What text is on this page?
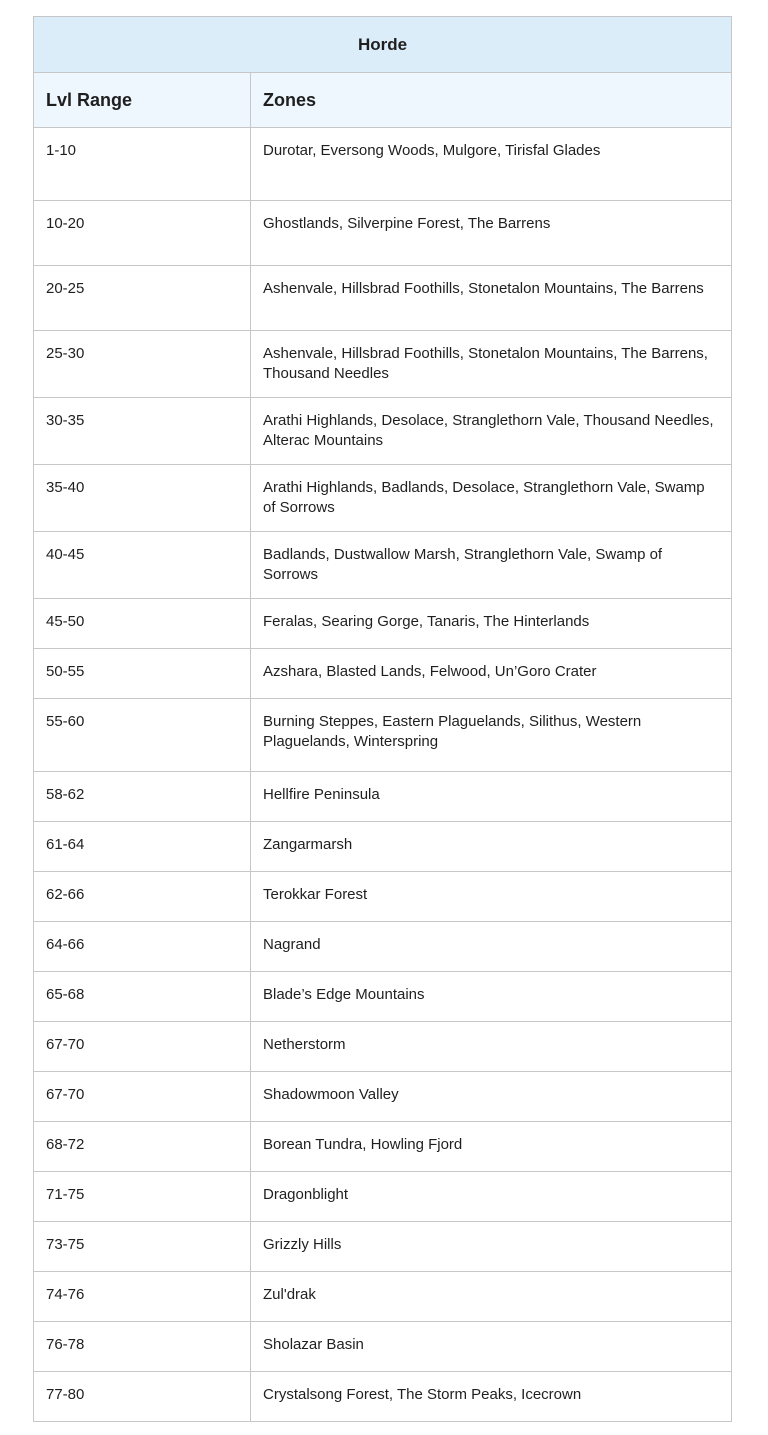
Horde	
Lvl Range	Zones
1-10	Durotar, Eversong Woods, Mulgore, Tirisfal Glades
10-20	Ghostlands, Silverpine Forest, The Barrens
20-25	Ashenvale, Hillsbrad Foothills, Stonetalon Mountains, The Barrens
25-30	Ashenvale, Hillsbrad Foothills, Stonetalon Mountains, The Barrens, Thousand Needles
30-35	Arathi Highlands, Desolace, Stranglethorn Vale, Thousand Needles, Alterac Mountains
35-40	Arathi Highlands, Badlands, Desolace, Stranglethorn Vale, Swamp of Sorrows
40-45	Badlands, Dustwallow Marsh, Stranglethorn Vale, Swamp of Sorrows
45-50	Feralas, Searing Gorge, Tanaris, The Hinterlands
50-55	Azshara, Blasted Lands, Felwood, Un’Goro Crater
55-60	Burning Steppes, Eastern Plaguelands, Silithus, Western Plaguelands, Winterspring
58-62	Hellfire Peninsula
61-64	Zangarmarsh
62-66	Terokkar Forest
64-66	Nagrand
65-68	Blade’s Edge Mountains
67-70	Netherstorm
67-70	Shadowmoon Valley
68-72	Borean Tundra, Howling Fjord
71-75	Dragonblight
73-75	Grizzly Hills
74-76	Zul'drak
76-78	Sholazar Basin
77-80	Crystalsong Forest, The Storm Peaks, Icecrown
